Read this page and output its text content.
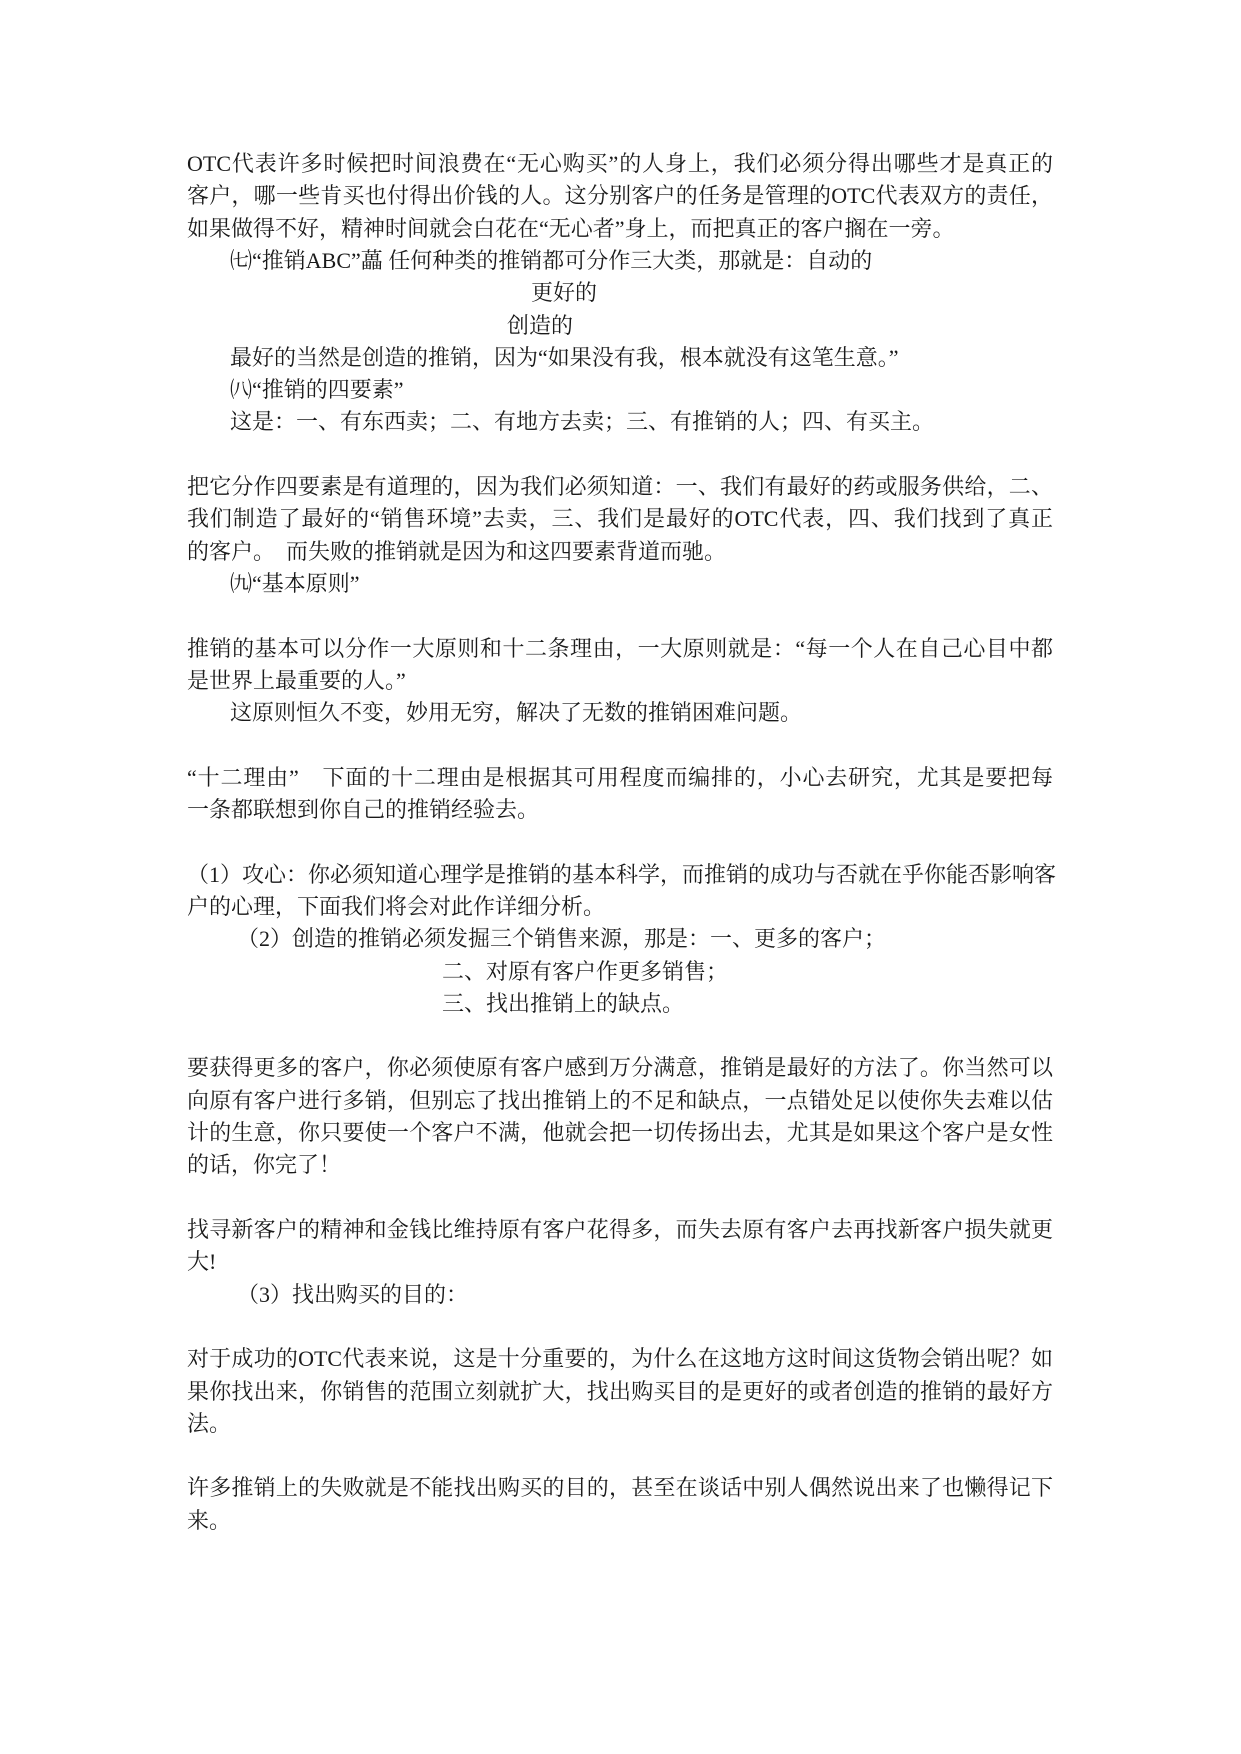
OTC代表许多时候把时间浪费在“无心购买”的人身上，我们必须分得出哪些才是真正的
客户，哪一些肯买也付得出价钱的人。这分别客户的任务是管理的OTC代表双方的责任，
如果做得不好，精神时间就会白花在“无心者”身上，而把真正的客户搁在一旁。
㈦“推销ABC”藟 任何种类的推销都可分作三大类，那就是：自动的
更好的
创造的
最好的当然是创造的推销，因为“如果没有我，根本就没有这笔生意。”
㈧“推销的四要素”
这是：一、有东西卖；二、有地方去卖；三、有推销的人；四、有买主。
把它分作四要素是有道理的，因为我们必须知道：一、我们有最好的药或服务供给，二、
我们制造了最好的“销售环境”去卖，三、我们是最好的OTC代表，四、我们找到了真正
的客户。　而失败的推销就是因为和这四要素背道而驰。
㈨“基本原则”
推销的基本可以分作一大原则和十二条理由，一大原则就是：“每一个人在自己心目中都
是世界上最重要的人。”
这原则恒久不变，妙用无穷，解决了无数的推销困难问题。
“十二理由”　下面的十二理由是根据其可用程度而编排的，小心去研究，尤其是要把每
一条都联想到你自己的推销经验去。
（1）攻心：你必须知道心理学是推销的基本科学，而推销的成功与否就在乎你能否影响客
户的心理，下面我们将会对此作详细分析。
（2）创造的推销必须发掘三个销售来源，那是：一、更多的客户；
二、对原有客户作更多销售；
三、找出推销上的缺点。
要获得更多的客户，你必须使原有客户感到万分满意，推销是最好的方法了。你当然可以
向原有客户进行多销，但别忘了找出推销上的不足和缺点，一点错处足以使你失去难以估
计的生意，你只要使一个客户不满，他就会把一切传扬出去，尤其是如果这个客户是女性
的话，你完了！
找寻新客户的精神和金钱比维持原有客户花得多，而失去原有客户去再找新客户损失就更
大!
（3）找出购买的目的：
对于成功的OTC代表来说，这是十分重要的，为什么在这地方这时间这货物会销出呢？如
果你找出来，你销售的范围立刻就扩大，找出购买目的是更好的或者创造的推销的最好方
法。
许多推销上的失败就是不能找出购买的目的，甚至在谈话中别人偶然说出来了也懒得记下
来。
